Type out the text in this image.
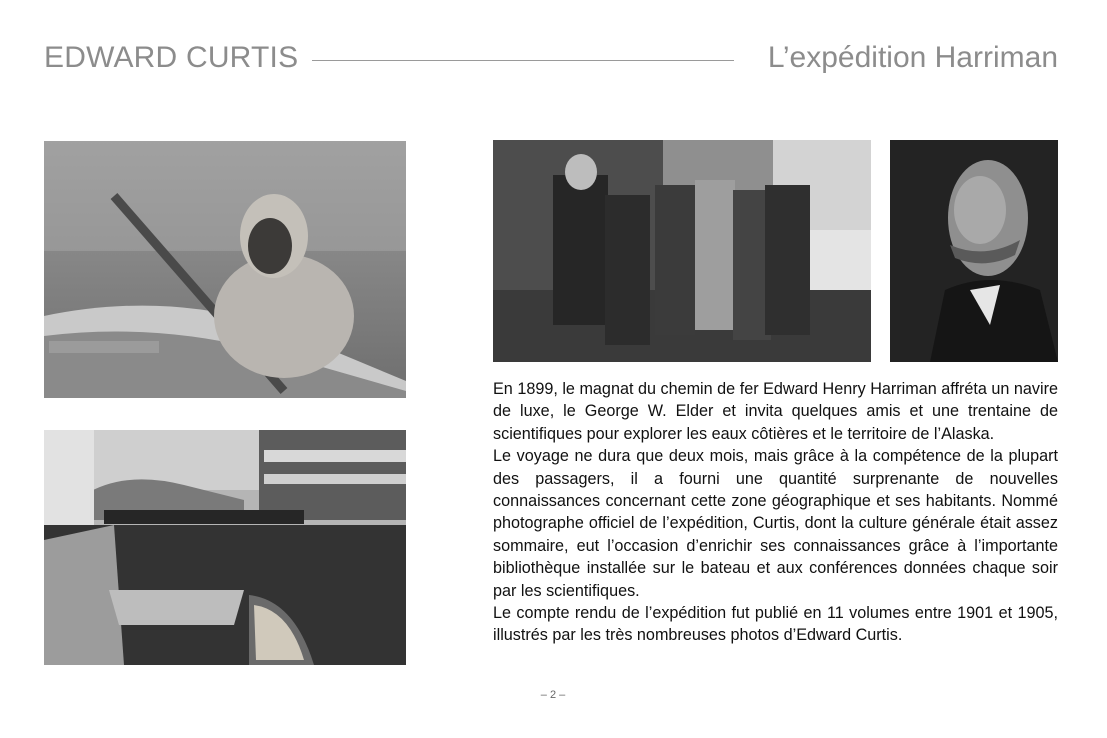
EDWARD CURTIS	L’expédition Harriman

En 1899, le magnat du chemin de fer Edward Henry Harriman affréta un navire de luxe, le George W. Elder et invita quelques amis et une trentaine de scientifiques pour explorer les eaux côtières et le territoire de l’Alaska.

Le voyage ne dura que deux mois, mais grâce à la compétence de la plupart des passagers, il a fourni une quantité surprenante de nouvelles connaissances concernant cette zone géographique et ses habitants. Nommé photographe officiel de l’expédition, Curtis, dont la culture générale était assez sommaire, eut l’occasion d’enrichir ses connaissances grâce à l’importante bibliothèque installée sur le bateau et aux conférences données chaque soir par les scientifiques.

Le compte rendu de l’expédition fut publié en 11 volumes entre 1901 et 1905, illustrés par les très nombreuses photos d’Edward Curtis.

– 2 –
